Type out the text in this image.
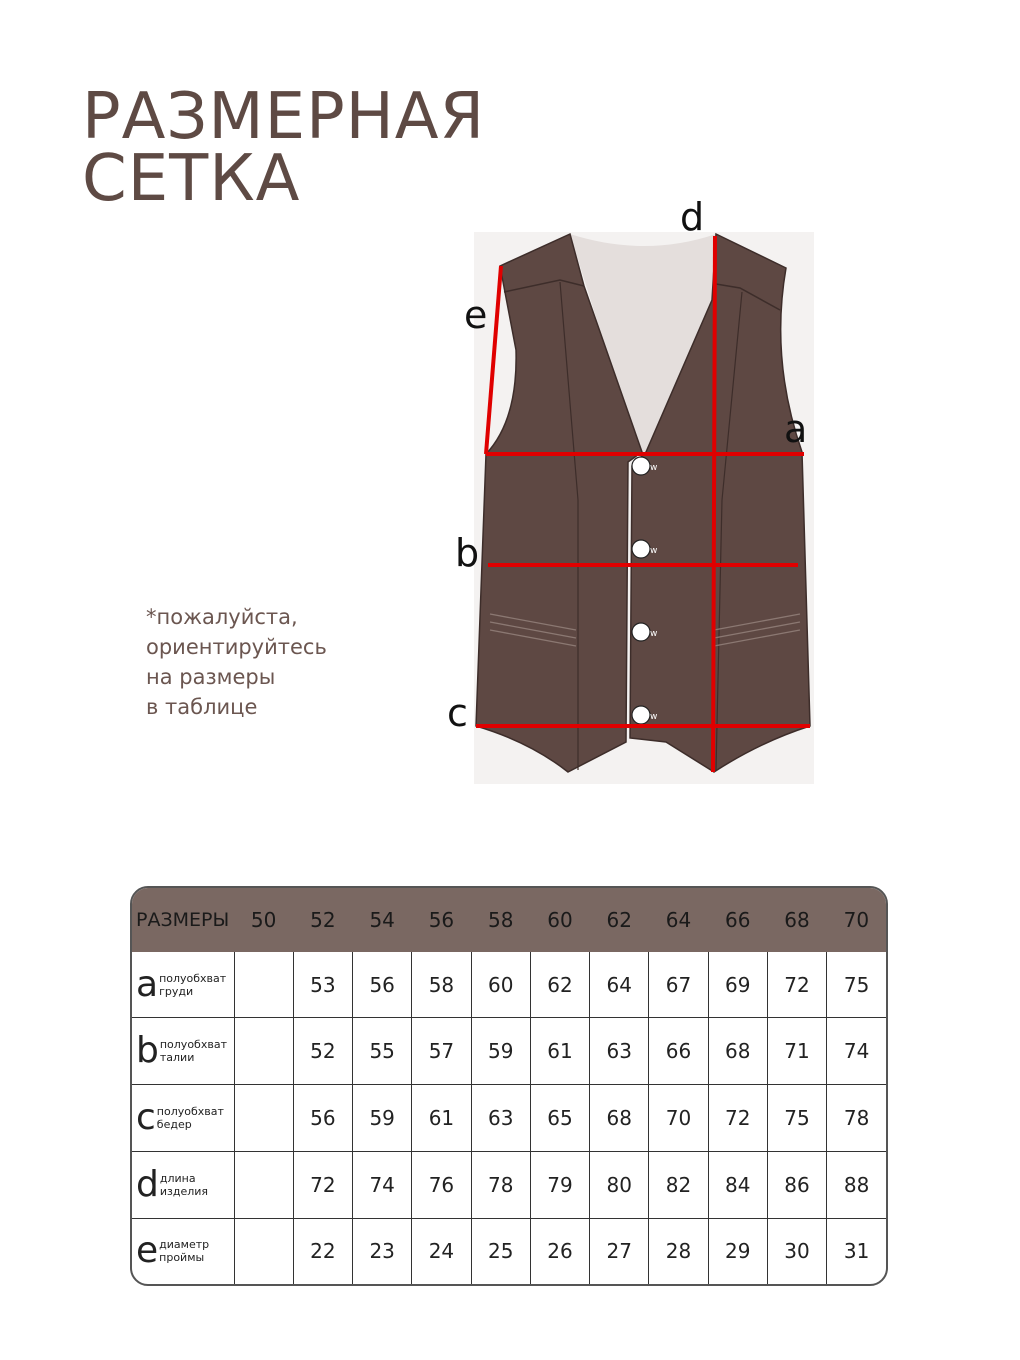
РАЗМЕРНАЯ
СЕТКА
*пожалуйста,
ориентируйтесь
на размеры
в таблице
w
w
w
w
a
b
c
d
e
РАЗМЕРЫ	50	52	54	56	58	60	62	64	66	68	70
a полуобхват
груди		53	56	58	60	62	64	67	69	72	75
b полуобхват
талии		52	55	57	59	61	63	66	68	71	74
c полуобхват
бедер		56	59	61	63	65	68	70	72	75	78
d длина
изделия		72	74	76	78	79	80	82	84	86	88
e диаметр
проймы		22	23	24	25	26	27	28	29	30	31
